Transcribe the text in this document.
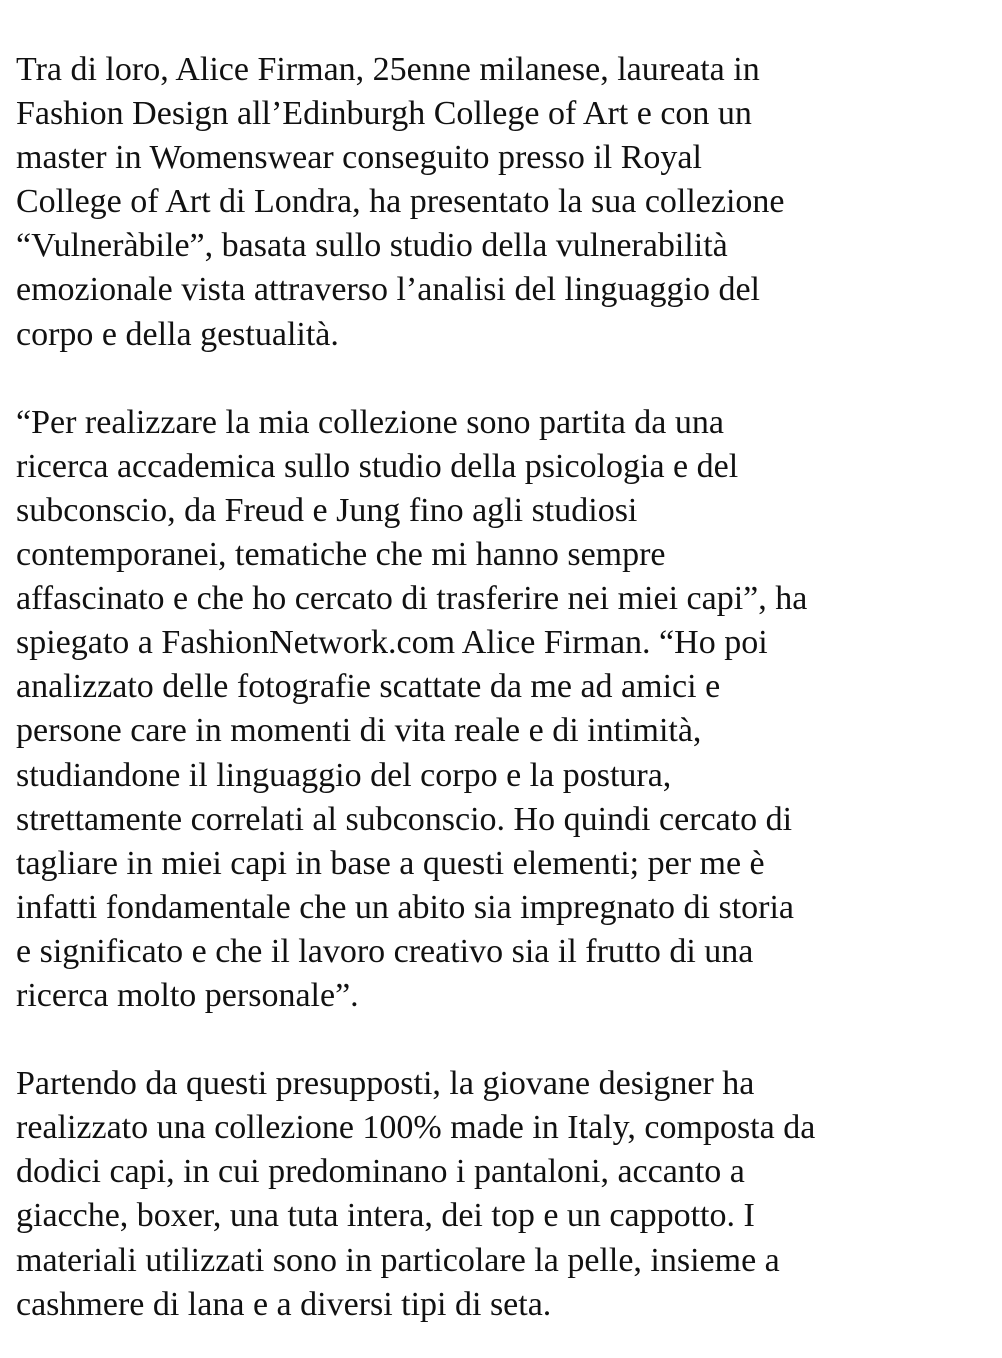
Tra di loro, Alice Firman, 25enne milanese, laureata in
Fashion Design all’Edinburgh College of Art e con un
master in Womenswear conseguito presso il Royal
College of Art di Londra, ha presentato la sua collezione
“Vulneràbile”, basata sullo studio della vulnerabilità
emozionale vista attraverso l’analisi del linguaggio del
corpo e della gestualità.

“Per realizzare la mia collezione sono partita da una
ricerca accademica sullo studio della psicologia e del
subconscio, da Freud e Jung fino agli studiosi
contemporanei, tematiche che mi hanno sempre
affascinato e che ho cercato di trasferire nei miei capi”, ha
spiegato a FashionNetwork.com Alice Firman. “Ho poi
analizzato delle fotografie scattate da me ad amici e
persone care in momenti di vita reale e di intimità,
studiandone il linguaggio del corpo e la postura,
strettamente correlati al subconscio. Ho quindi cercato di
tagliare in miei capi in base a questi elementi; per me è
infatti fondamentale che un abito sia impregnato di storia
e significato e che il lavoro creativo sia il frutto di una
ricerca molto personale”.

Partendo da questi presupposti, la giovane designer ha
realizzato una collezione 100% made in Italy, composta da
dodici capi, in cui predominano i pantaloni, accanto a
giacche, boxer, una tuta intera, dei top e un cappotto. I
materiali utilizzati sono in particolare la pelle, insieme a
cashmere di lana e a diversi tipi di seta.
